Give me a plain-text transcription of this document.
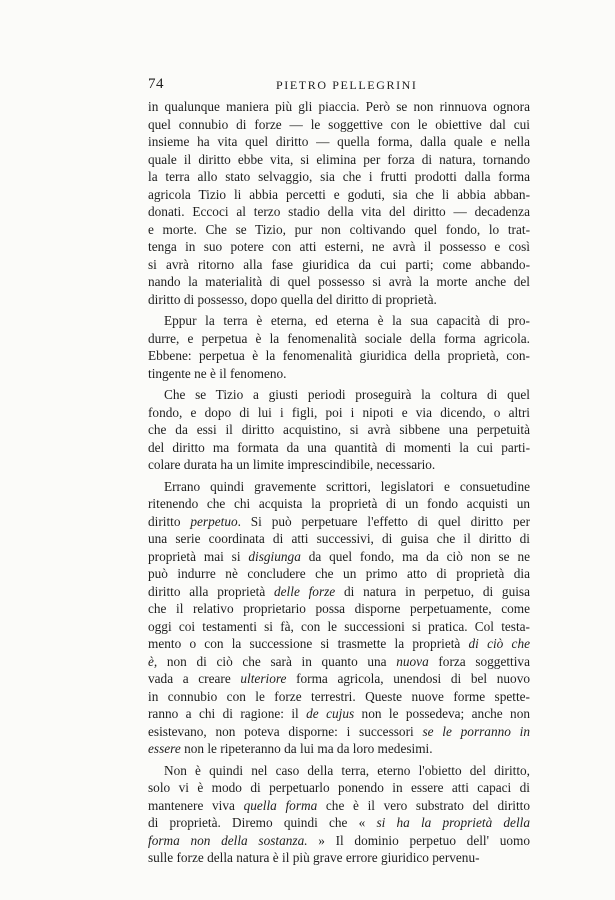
74	PIETRO PELLEGRINI
in qualunque maniera più gli piaccia. Però se non rinnuova ognora
quel connubio di forze — le soggettive con le obiettive dal cui
insieme ha vita quel diritto — quella forma, dalla quale e nella
quale il diritto ebbe vita, si elimina per forza di natura, tornando
la terra allo stato selvaggio, sia che i frutti prodotti dalla forma
agricola Tizio li abbia percetti e goduti, sia che li abbia abban-
donati. Eccoci al terzo stadio della vita del diritto — decadenza
e morte. Che se Tizio, pur non coltivando quel fondo, lo trat-
tenga in suo potere con atti esterni, ne avrà il possesso e così
si avrà ritorno alla fase giuridica da cui parti; come abbando-
nando la materialità di quel possesso si avrà la morte anche del
diritto di possesso, dopo quella del diritto di proprietà.
Eppur la terra è eterna, ed eterna è la sua capacità di pro-
durre, e perpetua è la fenomenalità sociale della forma agricola.
Ebbene: perpetua è la fenomenalità giuridica della proprietà, con-
tingente ne è il fenomeno.
Che se Tizio a giusti periodi proseguirà la coltura di quel
fondo, e dopo di lui i figli, poi i nipoti e via dicendo, o altri
che da essi il diritto acquistino, si avrà sibbene una perpetuità
del diritto ma formata da una quantità di momenti la cui parti-
colare durata ha un limite imprescindibile, necessario.
Errano quindi gravemente scrittori, legislatori e consuetudine
ritenendo che chi acquista la proprietà di un fondo acquisti un
diritto perpetuo. Si può perpetuare l'effetto di quel diritto per
una serie coordinata di atti successivi, di guisa che il diritto di
proprietà mai si disgiunga da quel fondo, ma da ciò non se ne
può indurre nè concludere che un primo atto di proprietà dia
diritto alla proprietà delle forze di natura in perpetuo, di guisa
che il relativo proprietario possa disporne perpetuamente, come
oggi coi testamenti si fà, con le successioni si pratica. Col testa-
mento o con la successione si trasmette la proprietà di ciò che
è, non di ciò che sarà in quanto una nuova forza soggettiva
vada a creare ulteriore forma agricola, unendosi di bel nuovo
in connubio con le forze terrestri. Queste nuove forme spette-
ranno a chi di ragione: il de cujus non le possedeva; anche non
esistevano, non poteva disporne: i successori se le porranno in
essere non le ripeteranno da lui ma da loro medesimi.
Non è quindi nel caso della terra, eterno l'obietto del diritto,
solo vi è modo di perpetuarlo ponendo in essere atti capaci di
mantenere viva quella forma che è il vero substrato del diritto
di proprietà. Diremo quindi che « si ha la proprietà della
forma non della sostanza. » Il dominio perpetuo dell' uomo
sulle forze della natura è il più grave errore giuridico pervenu-
